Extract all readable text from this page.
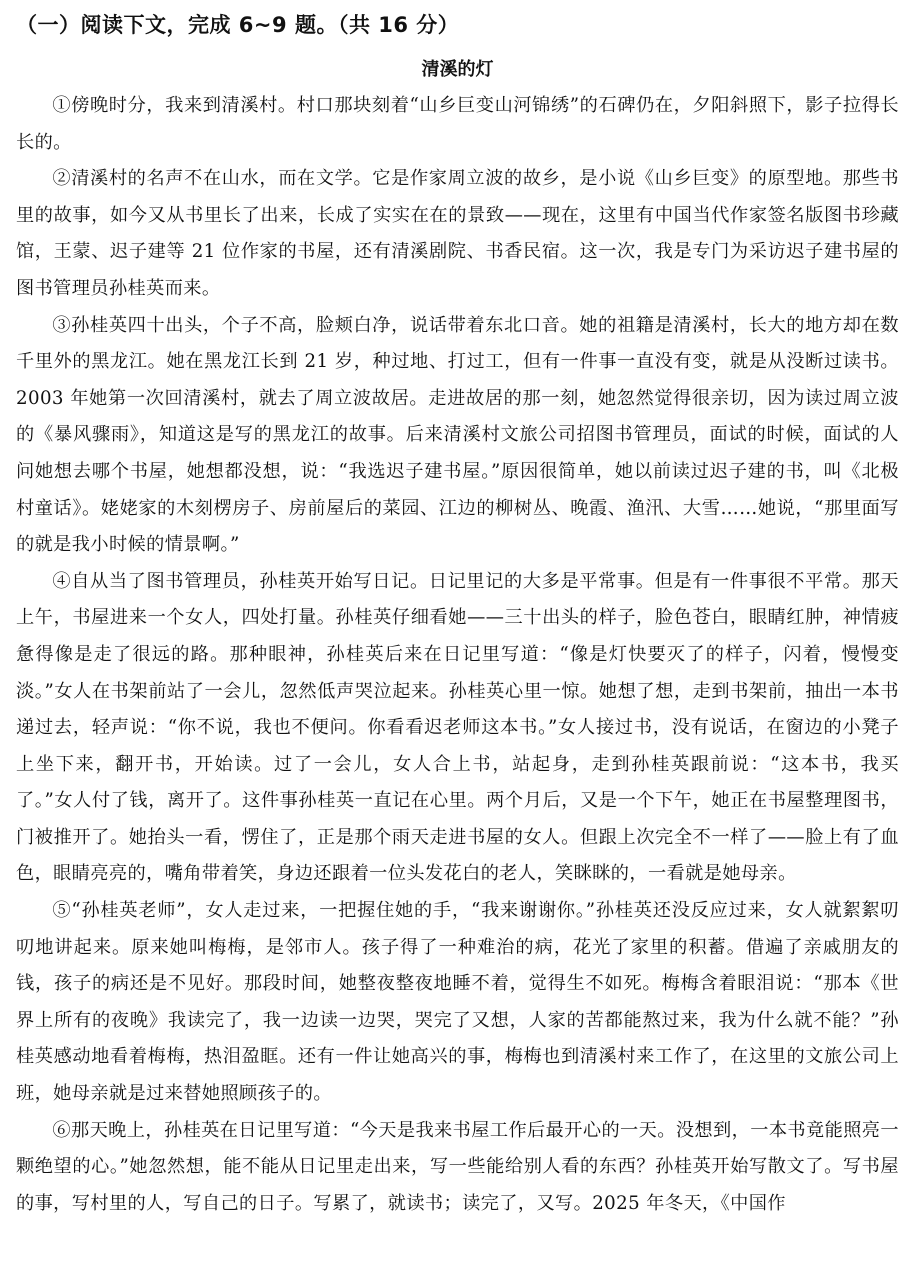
（一）阅读下文，完成 6~9 题。（共 16 分）
清溪的灯

①傍晚时分，我来到清溪村。村口那块刻着“山乡巨变山河锦绣”的石碑仍在，夕阳斜照下，影子拉得长长的。

②清溪村的名声不在山水，而在文学。它是作家周立波的故乡，是小说《山乡巨变》的原型地。那些书里的故事，如今又从书里长了出来，长成了实实在在的景致——现在，这里有中国当代作家签名版图书珍藏馆，王蒙、迟子建等 21 位作家的书屋，还有清溪剧院、书香民宿。这一次，我是专门为采访迟子建书屋的图书管理员孙桂英而来。

③孙桂英四十出头，个子不高，脸颊白净，说话带着东北口音。她的祖籍是清溪村，长大的地方却在数千里外的黑龙江。她在黑龙江长到 21 岁，种过地、打过工，但有一件事一直没有变，就是从没断过读书。2003 年她第一次回清溪村，就去了周立波故居。走进故居的那一刻，她忽然觉得很亲切，因为读过周立波的《暴风骤雨》，知道这是写的黑龙江的故事。后来清溪村文旅公司招图书管理员，面试的时候，面试的人问她想去哪个书屋，她想都没想，说：“我选迟子建书屋。”原因很简单，她以前读过迟子建的书，叫《北极村童话》。姥姥家的木刻楞房子、房前屋后的菜园、江边的柳树丛、晚霞、渔汛、大雪……她说，“那里面写的就是我小时候的情景啊。”

④自从当了图书管理员，孙桂英开始写日记。日记里记的大多是平常事。但是有一件事很不平常。那天上午，书屋进来一个女人，四处打量。孙桂英仔细看她——三十出头的样子，脸色苍白，眼睛红肿，神情疲惫得像是走了很远的路。那种眼神，孙桂英后来在日记里写道：“像是灯快要灭了的样子，闪着，慢慢变淡。”女人在书架前站了一会儿，忽然低声哭泣起来。孙桂英心里一惊。她想了想，走到书架前，抽出一本书递过去，轻声说：“你不说，我也不便问。你看看迟老师这本书。”女人接过书，没有说话，在窗边的小凳子上坐下来，翻开书，开始读。过了一会儿，女人合上书，站起身，走到孙桂英跟前说：“这本书，我买了。”女人付了钱，离开了。这件事孙桂英一直记在心里。两个月后，又是一个下午，她正在书屋整理图书，门被推开了。她抬头一看，愣住了，正是那个雨天走进书屋的女人。但跟上次完全不一样了——脸上有了血色，眼睛亮亮的，嘴角带着笑，身边还跟着一位头发花白的老人，笑眯眯的，一看就是她母亲。

⑤“孙桂英老师”，女人走过来，一把握住她的手，“我来谢谢你。”孙桂英还没反应过来，女人就絮絮叨叨地讲起来。原来她叫梅梅，是邻市人。孩子得了一种难治的病，花光了家里的积蓄。借遍了亲戚朋友的钱，孩子的病还是不见好。那段时间，她整夜整夜地睡不着，觉得生不如死。梅梅含着眼泪说：“那本《世界上所有的夜晚》我读完了，我一边读一边哭，哭完了又想，人家的苦都能熬过来，我为什么就不能？”孙桂英感动地看着梅梅，热泪盈眶。还有一件让她高兴的事，梅梅也到清溪村来工作了，在这里的文旅公司上班，她母亲就是过来替她照顾孩子的。

⑥那天晚上，孙桂英在日记里写道：“今天是我来书屋工作后最开心的一天。没想到，一本书竟能照亮一颗绝望的心。”她忽然想，能不能从日记里走出来，写一些能给别人看的东西？孙桂英开始写散文了。写书屋的事，写村里的人，写自己的日子。写累了，就读书；读完了，又写。2025 年冬天，《中国作
